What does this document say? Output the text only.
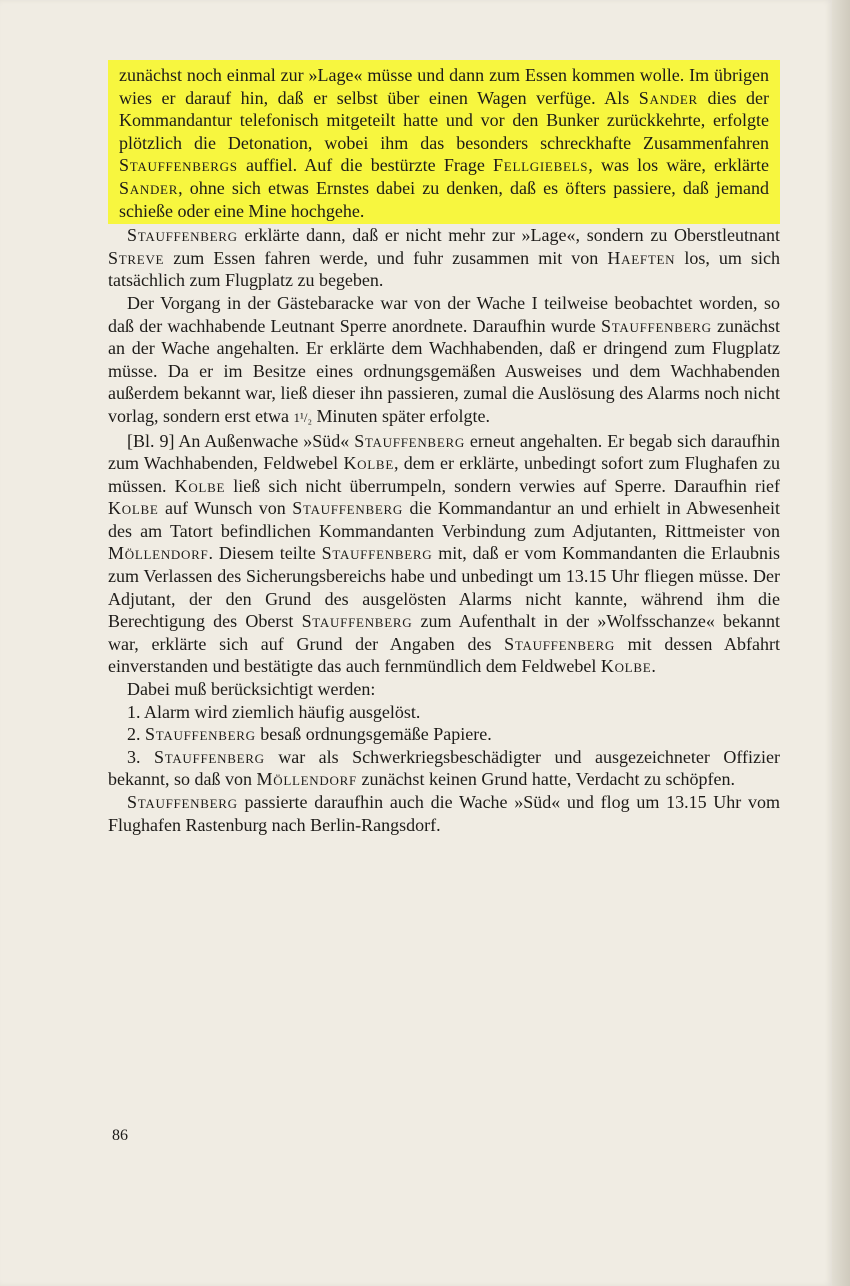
zunächst noch einmal zur »Lage« müsse und dann zum Essen kommen wolle. Im übrigen wies er darauf hin, daß er selbst über einen Wagen verfüge. Als Sander dies der Kommandantur telefonisch mitgeteilt hatte und vor den Bunker zurückkehrte, erfolgte plötzlich die Detonation, wobei ihm das besonders schreckhafte Zusammenfahren Stauffenbergs auffiel. Auf die bestürzte Frage Fellgiebels, was los wäre, erklärte Sander, ohne sich etwas Ernstes dabei zu denken, daß es öfters passiere, daß jemand schieße oder eine Mine hochgehe.

Stauffenberg erklärte dann, daß er nicht mehr zur »Lage«, sondern zu Oberstleutnant Streve zum Essen fahren werde, und fuhr zusammen mit von Haeften los, um sich tatsächlich zum Flugplatz zu begeben.

Der Vorgang in der Gästebaracke war von der Wache I teilweise beobachtet worden, so daß der wachhabende Leutnant Sperre anordnete. Daraufhin wurde Stauffenberg zunächst an der Wache angehalten. Er erklärte dem Wachhabenden, daß er dringend zum Flugplatz müsse. Da er im Besitze eines ordnungsgemäßen Ausweises und dem Wachhabenden außerdem bekannt war, ließ dieser ihn passieren, zumal die Auslösung des Alarms noch nicht vorlag, sondern erst etwa 1¹/₂ Minuten später erfolgte.

[Bl. 9] An Außenwache »Süd« Stauffenberg erneut angehalten. Er begab sich daraufhin zum Wachhabenden, Feldwebel Kolbe, dem er erklärte, unbedingt sofort zum Flughafen zu müssen. Kolbe ließ sich nicht überrumpeln, sondern verwies auf Sperre. Daraufhin rief Kolbe auf Wunsch von Stauffenberg die Kommandantur an und erhielt in Abwesenheit des am Tatort befindlichen Kommandanten Verbindung zum Adjutanten, Rittmeister von Möllendorf. Diesem teilte Stauffenberg mit, daß er vom Kommandanten die Erlaubnis zum Verlassen des Sicherungsbereichs habe und unbedingt um 13.15 Uhr fliegen müsse. Der Adjutant, der den Grund des ausgelösten Alarms nicht kannte, während ihm die Berechtigung des Oberst Stauffenberg zum Aufenthalt in der »Wolfsschanze« bekannt war, erklärte sich auf Grund der Angaben des Stauffenberg mit dessen Abfahrt einverstanden und bestätigte das auch fernmündlich dem Feldwebel Kolbe.

Dabei muß berücksichtigt werden:

1. Alarm wird ziemlich häufig ausgelöst.

2. Stauffenberg besaß ordnungsgemäße Papiere.

3. Stauffenberg war als Schwerkriegsbeschädigter und ausgezeichneter Offizier bekannt, so daß von Möllendorf zunächst keinen Grund hatte, Verdacht zu schöpfen.

Stauffenberg passierte daraufhin auch die Wache »Süd« und flog um 13.15 Uhr vom Flughafen Rastenburg nach Berlin-Rangsdorf.

86
